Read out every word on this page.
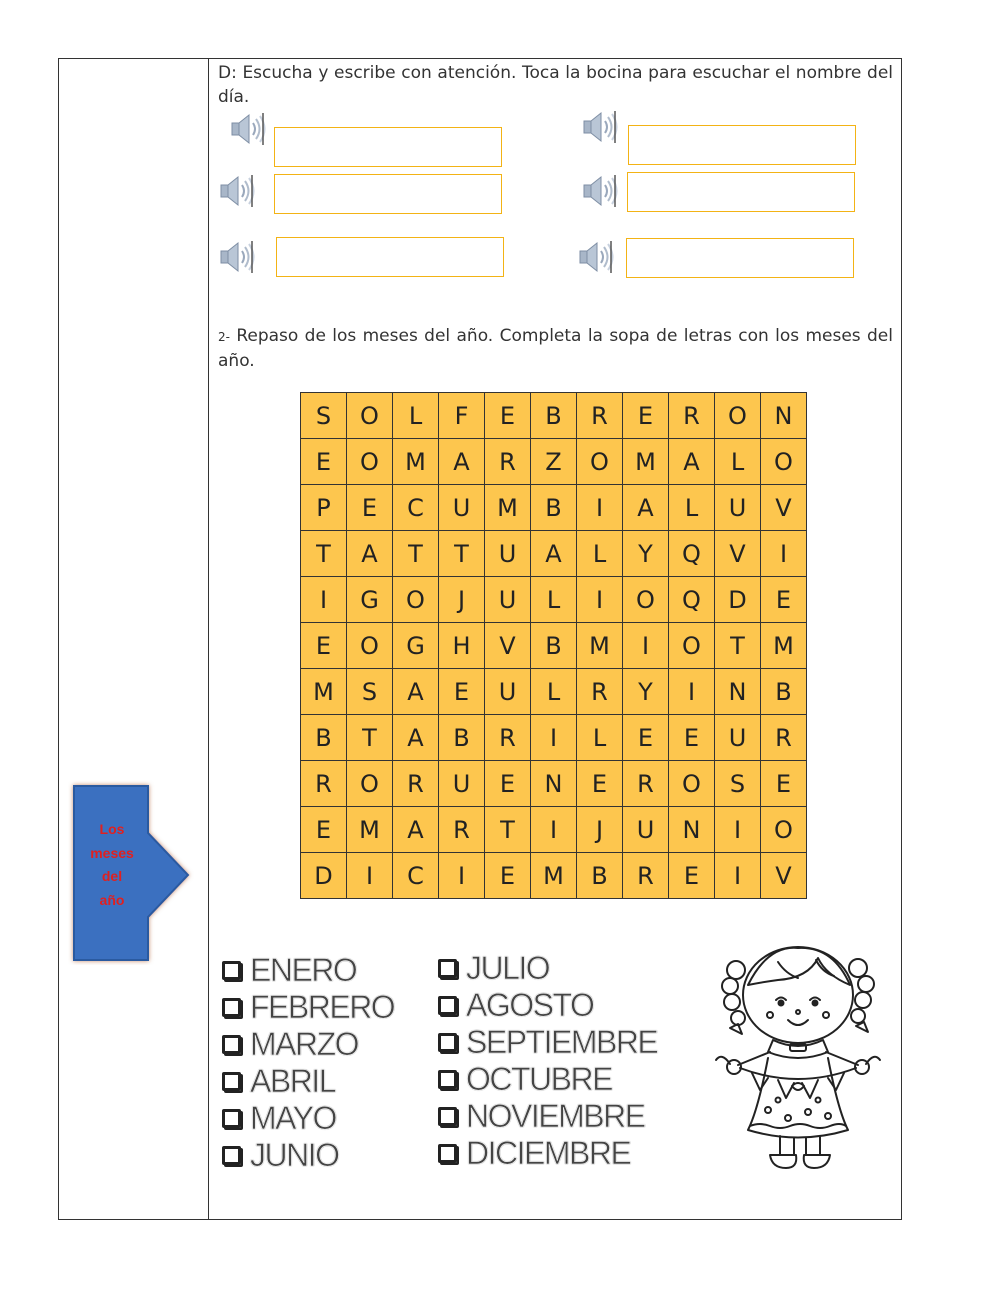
D: Escucha y escribe con atención. Toca la bocina para escuchar el nombre del día.
2- Repaso de los meses del año. Completa la sopa de letras con los meses del año.
S	O	L	F	E	B	R	E	R	O	N
E	O	M	A	R	Z	O	M	A	L	O
P	E	C	U	M	B	I	A	L	U	V
T	A	T	T	U	A	L	Y	Q	V	I
I	G	O	J	U	L	I	O	Q	D	E
E	O	G	H	V	B	M	I	O	T	M
M	S	A	E	U	L	R	Y	I	N	B
B	T	A	B	R	I	L	E	E	U	R
R	O	R	U	E	N	E	R	O	S	E
E	M	A	R	T	I	J	U	N	I	O
D	I	C	I	E	M	B	R	E	I	V
Los
meses
del
año
ENERO
FEBRERO
MARZO
ABRIL
MAYO
JUNIO
JULIO
AGOSTO
SEPTIEMBRE
OCTUBRE
NOVIEMBRE
DICIEMBRE
